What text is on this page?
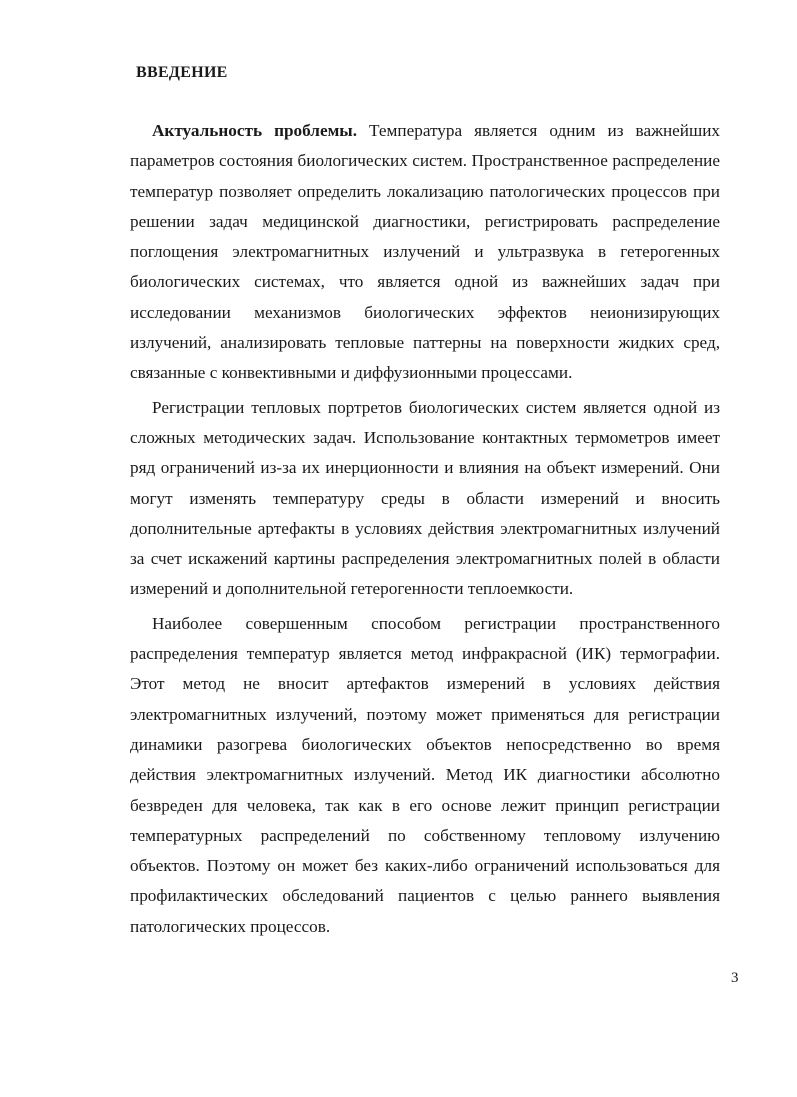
ВВЕДЕНИЕ

Актуальность проблемы. Температура является одним из важнейших параметров состояния биологических систем. Пространственное распределение температур позволяет определить локализацию патологических процессов при решении задач медицинской диагностики, регистрировать распределение поглощения электромагнитных излучений и ультразвука в гетерогенных биологических системах, что является одной из важнейших задач при исследовании механизмов биологических эффектов неионизирующих излучений, анализировать тепловые паттерны на поверхности жидких сред, связанные с конвективными и диффузионными процессами.

Регистрации тепловых портретов биологических систем является одной из сложных методических задач. Использование контактных термометров имеет ряд ограничений из-за их инерционности и влияния на объект измерений. Они могут изменять температуру среды в области измерений и вносить дополнительные артефакты в условиях действия электромагнитных излучений за счет искажений картины распределения электромагнитных полей в области измерений и дополнительной гетерогенности теплоемкости.

Наиболее совершенным способом регистрации пространственного распределения температур является метод инфракрасной (ИК) термографии. Этот метод не вносит артефактов измерений в условиях действия электромагнитных излучений, поэтому может применяться для регистрации динамики разогрева биологических объектов непосредственно во время действия электромагнитных излучений. Метод ИК диагностики абсолютно безвреден для человека, так как в его основе лежит принцип регистрации температурных распределений по собственному тепловому излучению объектов. Поэтому он может без каких-либо ограничений использоваться для профилактических обследований пациентов с целью раннего выявления патологических процессов.

3
